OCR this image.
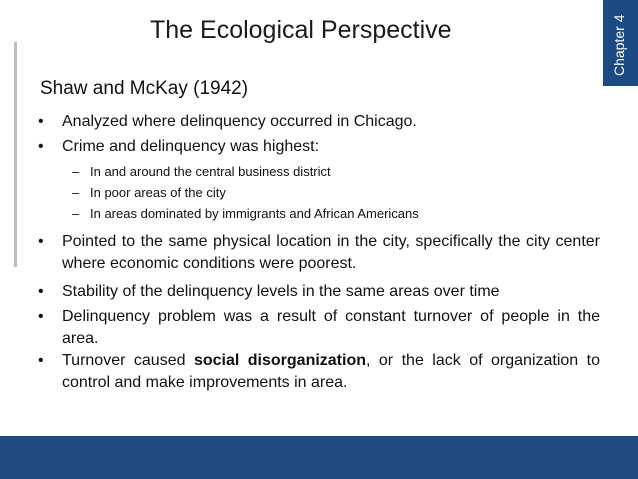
The Ecological Perspective	Chapter 4
Shaw and McKay (1942)
• Analyzed where delinquency occurred in Chicago.
• Crime and delinquency was highest:
– In and around the central business district
– In poor areas of the city
– In areas dominated by immigrants and African Americans
• Pointed to the same physical location in the city, specifically the city center where economic conditions were poorest.
• Stability of the delinquency levels in the same areas over time
• Delinquency problem was a result of constant turnover of people in the area.
• Turnover caused social disorganization, or the lack of organization to control and make improvements in area.
